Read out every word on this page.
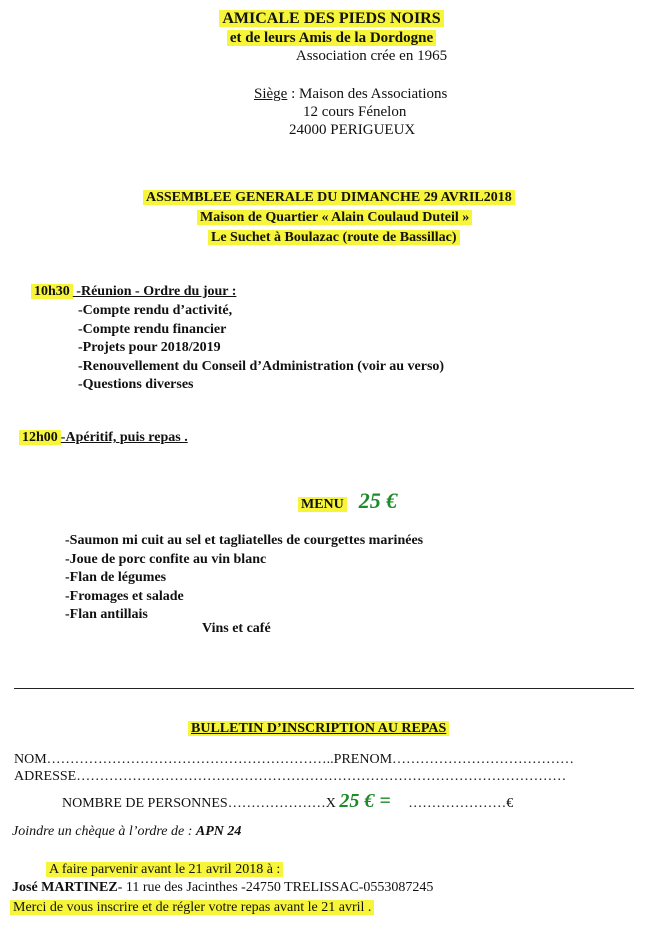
AMICALE DES PIEDS NOIRS
et de leurs Amis de la Dordogne
Association crée en 1965
Siège : Maison des Associations
12 cours Fénelon
24000 PERIGUEUX
ASSEMBLEE GENERALE DU DIMANCHE 29 AVRIL2018
Maison de Quartier « Alain Coulaud Duteil »
Le Suchet à Boulazac (route de Bassillac)
10h30 -Réunion - Ordre du jour :
-Compte rendu d’activité,
-Compte rendu financier
-Projets pour 2018/2019
-Renouvellement du Conseil d’Administration (voir au verso)
-Questions diverses
12h00 -Apéritif, puis repas .
MENU 25 €
-Saumon mi cuit au sel et tagliatelles de courgettes marinées
-Joue de porc confite au vin blanc
-Flan de légumes
-Fromages et salade
-Flan antillais
Vins et café
BULLETIN D’INSCRIPTION AU REPAS
NOM……………………………………………………..PRENOM…………………………………
ADRESSE……………………………………………………………………………………………
NOMBRE DE PERSONNES…………………X 25 € = …………………€
Joindre un chèque à l’ordre de : APN 24
A faire parvenir avant le 21 avril 2018 à :
José MARTINEZ- 11 rue des Jacinthes -24750 TRELISSAC-0553087245
Merci de vous inscrire et de régler votre repas avant le 21 avril .
